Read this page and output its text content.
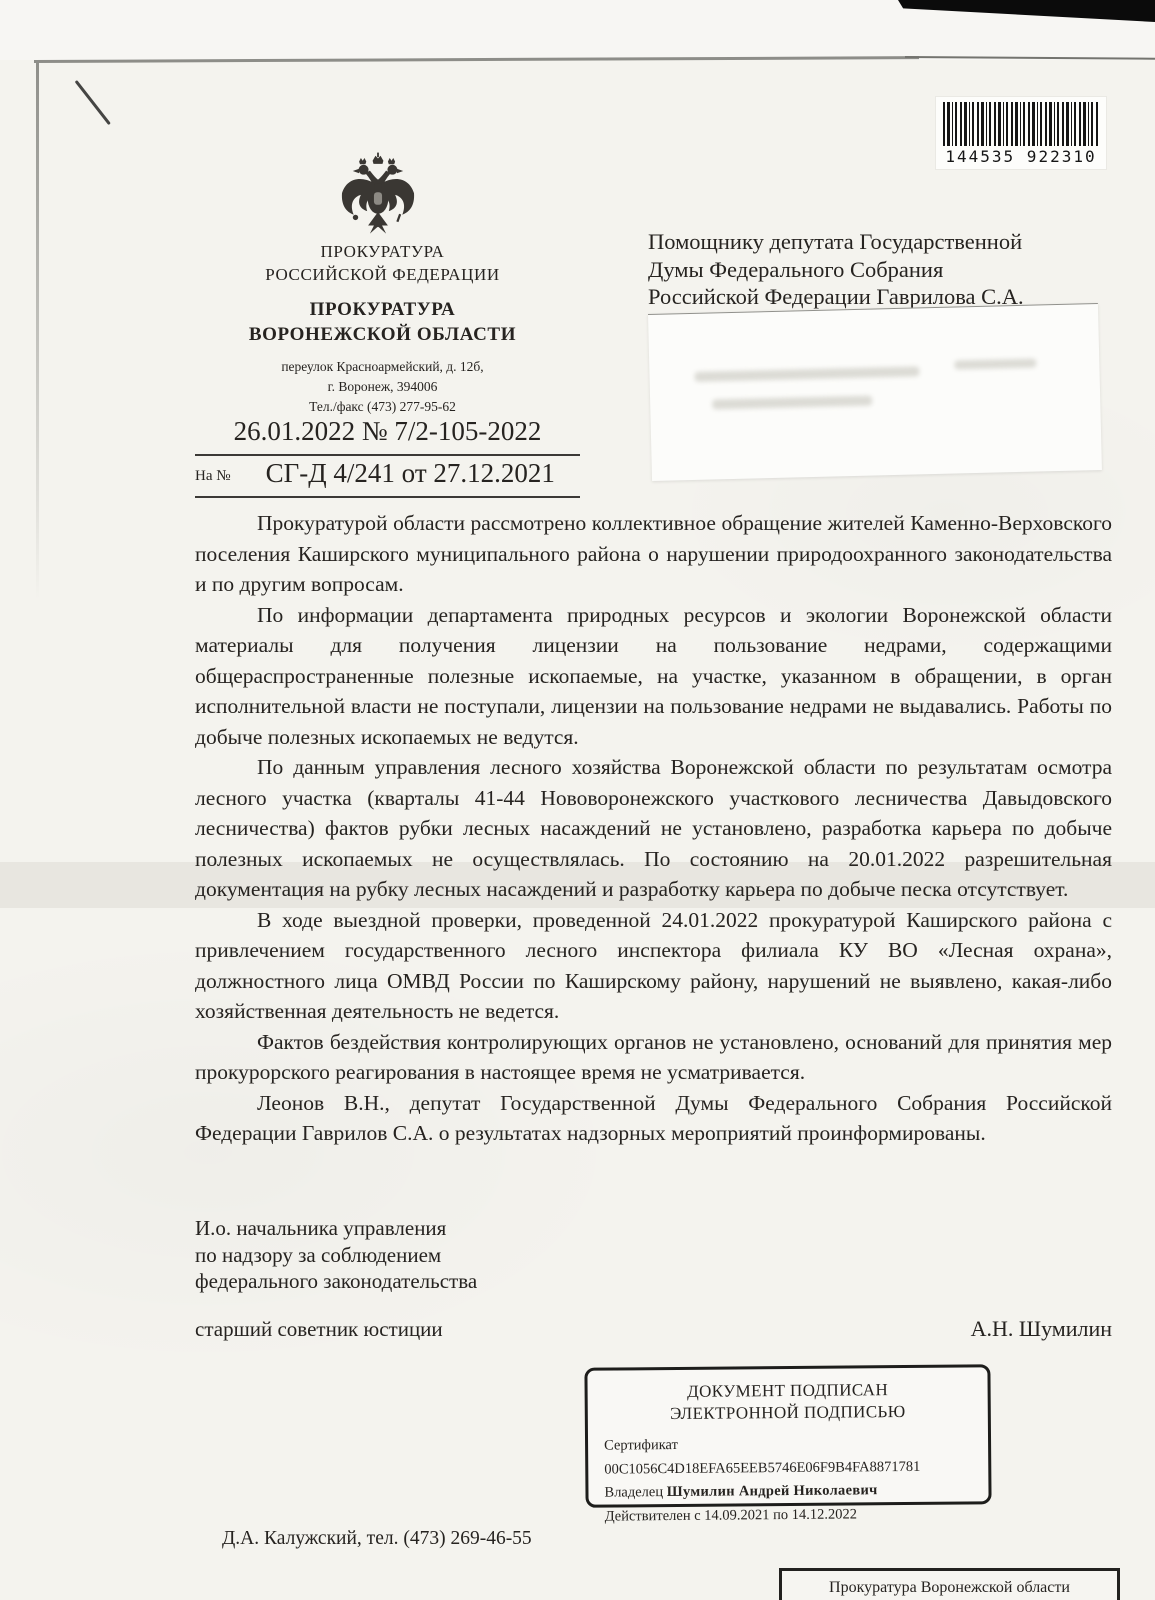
144535 922310
ПРОКУРАТУРА
РОССИЙСКОЙ ФЕДЕРАЦИИ
ПРОКУРАТУРА
ВОРОНЕЖСКОЙ ОБЛАСТИ
переулок Красноармейский, д. 12б,
г. Воронеж, 394006
Тел./факс (473) 277-95-62
26.01.2022 № 7/2-105-2022
На №	СГ-Д 4/241 от 27.12.2021
Помощнику депутата Государственной
Думы Федерального Собрания
Российской Федерации Гаврилова С.А.

Прокуратурой области рассмотрено коллективное обращение жителей Каменно-Верховского поселения Каширского муниципального района о нарушении природоохранного законодательства и по другим вопросам.

По информации департамента природных ресурсов и экологии Воронежской области материалы для получения лицензии на пользование недрами, содержащими общераспространенные полезные ископаемые, на участке, указанном в обращении, в орган исполнительной власти не поступали, лицензии на пользование недрами не выдавались. Работы по добыче полезных ископаемых не ведутся.

По данным управления лесного хозяйства Воронежской области по результатам осмотра лесного участка (кварталы 41-44 Нововоронежского участкового лесничества Давыдовского лесничества) фактов рубки лесных насаждений не установлено, разработка карьера по добыче полезных ископаемых не осуществлялась. По состоянию на 20.01.2022 разрешительная документация на рубку лесных насаждений и разработку карьера по добыче песка отсутствует.

В ходе выездной проверки, проведенной 24.01.2022 прокуратурой Каширского района с привлечением государственного лесного инспектора филиала КУ ВО «Лесная охрана», должностного лица ОМВД России по Каширскому району, нарушений не выявлено, какая-либо хозяйственная деятельность не ведется.

Фактов бездействия контролирующих органов не установлено, оснований для принятия мер прокурорского реагирования в настоящее время не усматривается.

Леонов В.Н., депутат Государственной Думы Федерального Собрания Российской Федерации Гаврилов С.А. о результатах надзорных мероприятий проинформированы.

И.о. начальника управления
по надзору за соблюдением
федерального законодательства
старший советник юстиции	А.Н. Шумилин
ДОКУМЕНТ ПОДПИСАН
ЭЛЕКТРОННОЙ ПОДПИСЬЮ
Сертификат 00C1056C4D18EFA65EEB5746E06F9B4FA8871781
Владелец Шумилин Андрей Николаевич
Действителен с 14.09.2021 по 14.12.2022
Д.А. Калужский, тел. (473) 269-46-55
Прокуратура Воронежской области
